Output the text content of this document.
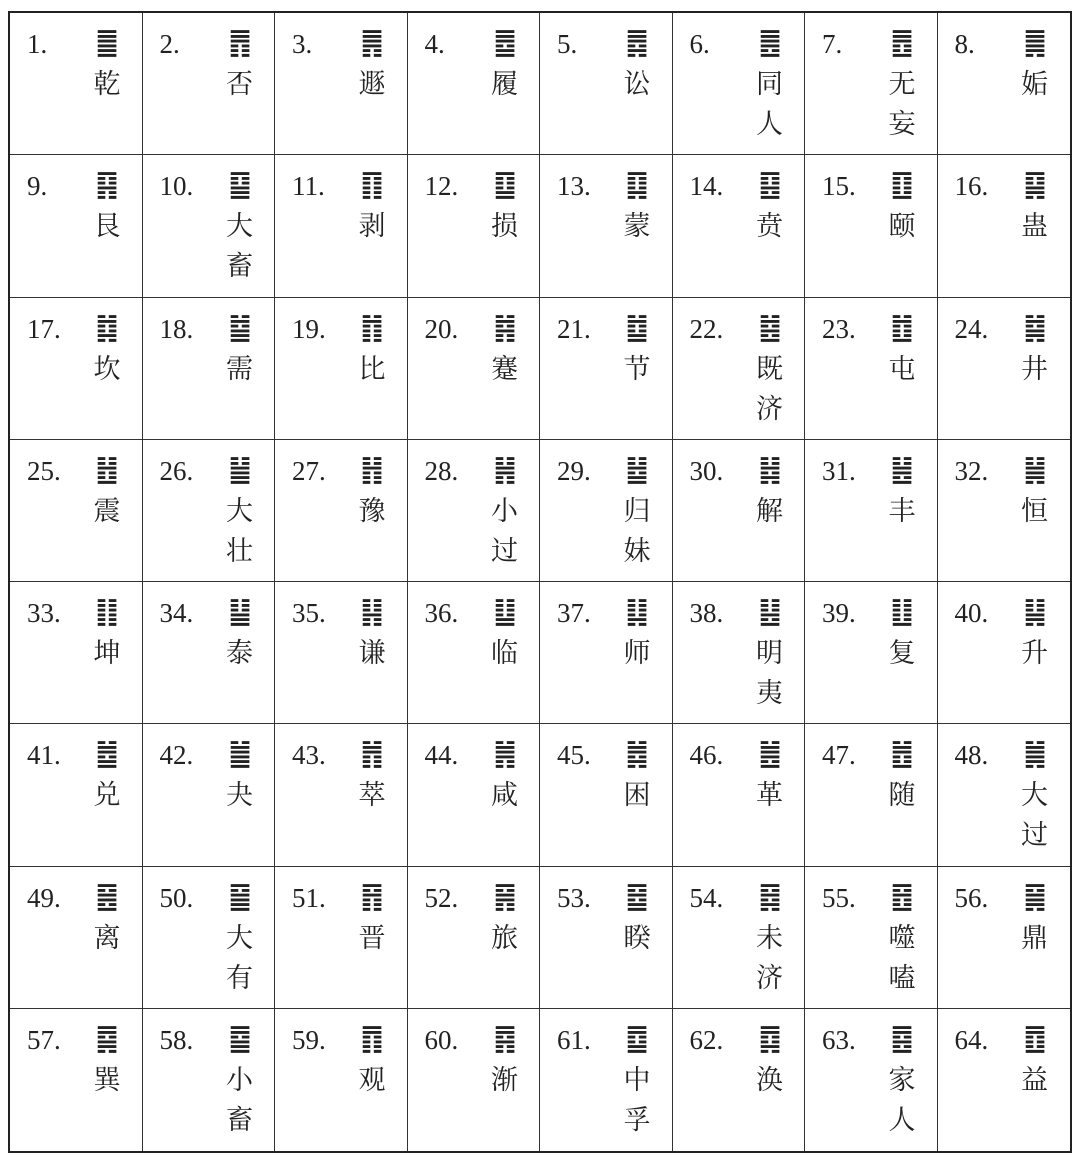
1. ䷀
乾
2. ䷋
否
3. ䷠
遯
4. ䷉
履
5. ䷅
讼
6. ䷌
同人
7. ䷘
无妄
8. ䷫
姤
9. ䷳
艮
10. ䷙
大畜
11. ䷖
剥
12. ䷨
损
13. ䷃
蒙
14. ䷕
贲
15. ䷚
颐
16. ䷑
蛊
17. ䷜
坎
18. ䷄
需
19. ䷇
比
20. ䷦
蹇
21. ䷻
节
22. ䷾
既济
23. ䷂
屯
24. ䷯
井
25. ䷲
震
26. ䷡
大壮
27. ䷏
豫
28. ䷽
小过
29. ䷵
归妹
30. ䷧
解
31. ䷶
丰
32. ䷟
恒
33. ䷁
坤
34. ䷊
泰
35. ䷎
谦
36. ䷒
临
37. ䷆
师
38. ䷣
明夷
39. ䷗
复
40. ䷭
升
41. ䷹
兑
42. ䷪
夬
43. ䷬
萃
44. ䷞
咸
45. ䷮
困
46. ䷰
革
47. ䷐
随
48. ䷛
大过
49. ䷝
离
50. ䷍
大有
51. ䷢
晋
52. ䷷
旅
53. ䷥
睽
54. ䷿
未济
55. ䷔
噬嗑
56. ䷱
鼎
57. ䷸
巽
58. ䷈
小畜
59. ䷓
观
60. ䷴
渐
61. ䷼
中孚
62. ䷺
涣
63. ䷤
家人
64. ䷩
益
